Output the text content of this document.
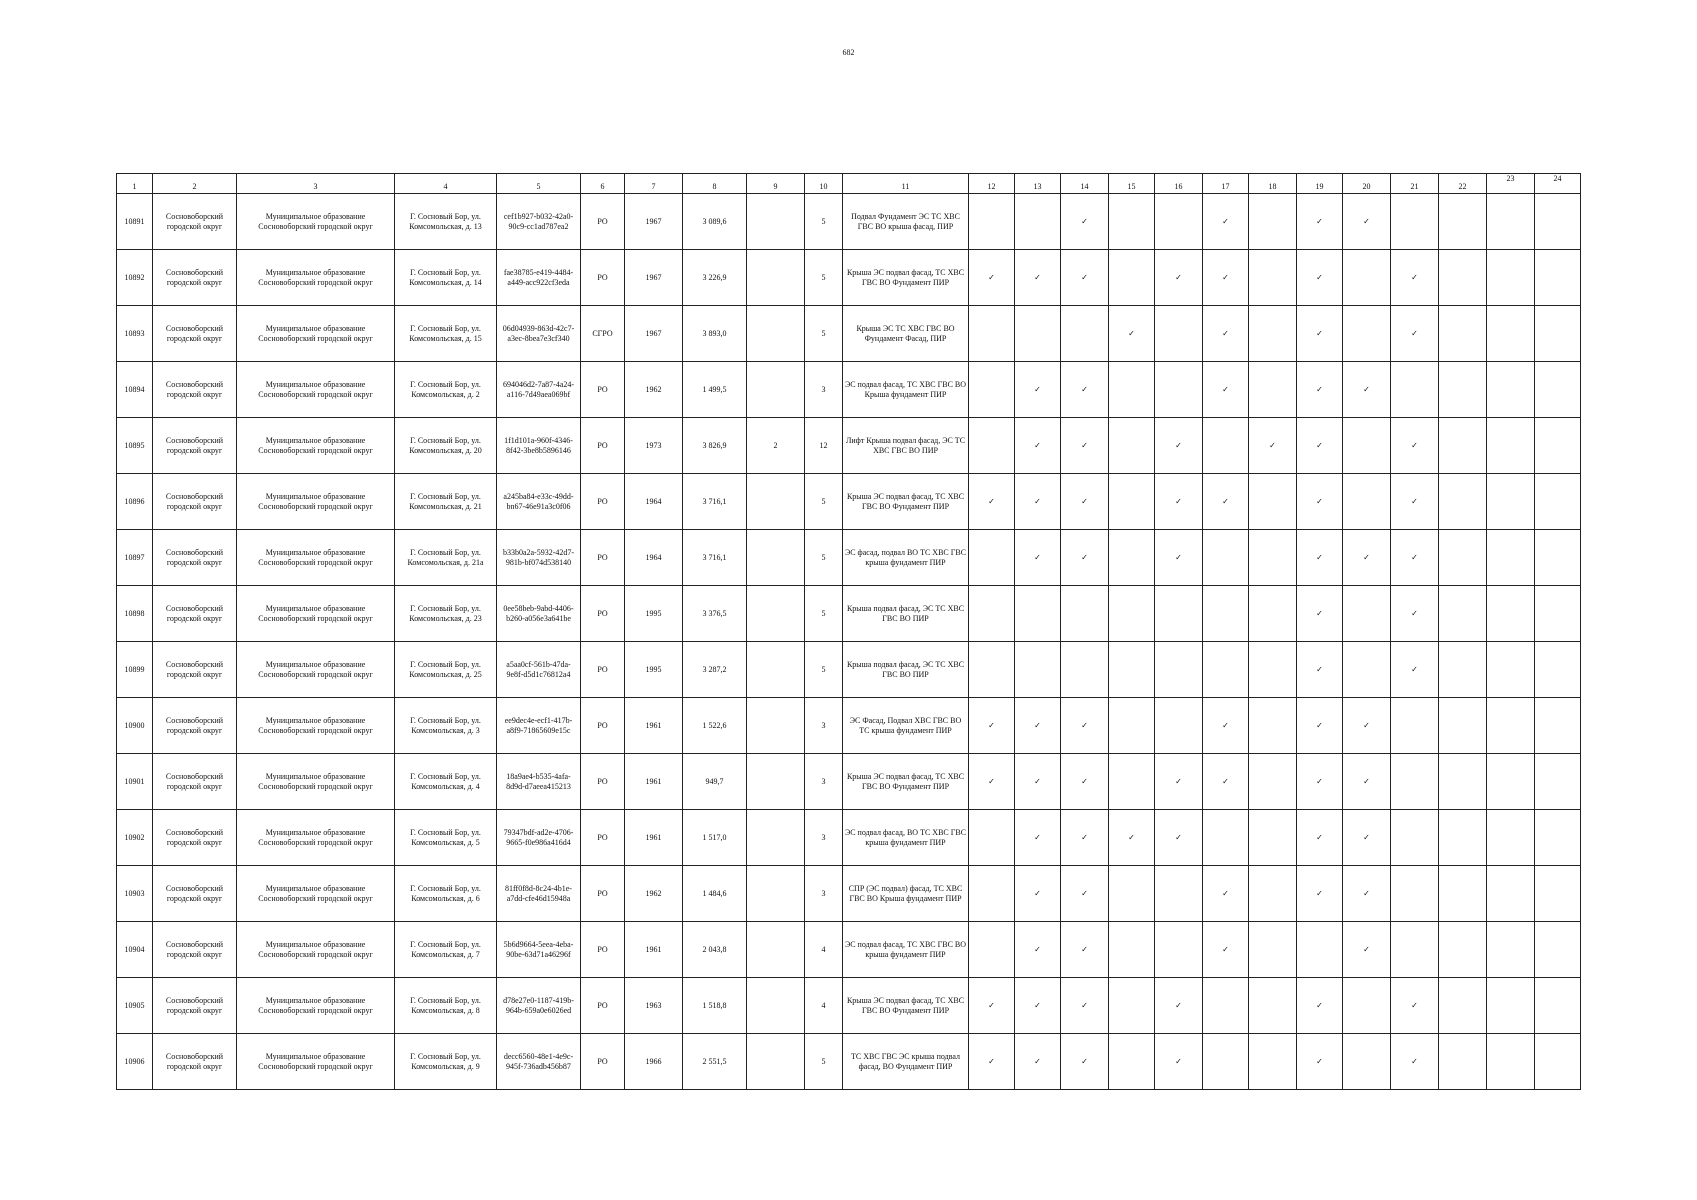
682
1	2	3	4	5	6	7	8	9	10	11	12	13	14	15	16	17	18	19	20	21	22	23	24
10891	Сосновоборский городской округ	Муниципальное образование Сосновоборский городской округ	Г. Сосновый Бор, ул. Комсомольская, д. 13	cef1b927-b032-42a0-90c9-cc1ad787ea2	РО	1967	3 089,6		5	Подвал Фундамент ЭС ТС ХВС ГВС ВО крыша фасад, ПИР			✓			✓		✓	✓				
10892	Сосновоборский городской округ	Муниципальное образование Сосновоборский городской округ	Г. Сосновый Бор, ул. Комсомольская, д. 14	fae38785-e419-4484-a449-acc922cf3eda	РО	1967	3 226,9		5	Крыша ЭС подвал фасад, ТС ХВС ГВС ВО Фундамент ПИР	✓	✓	✓		✓	✓		✓		✓			
10893	Сосновоборский городской округ	Муниципальное образование Сосновоборский городской округ	Г. Сосновый Бор, ул. Комсомольская, д. 15	06d04939-863d-42c7-a3ec-8bea7e3cf340	СГРО	1967	3 893,0		5	Крыша ЭС ТС ХВС ГВС ВО Фундамент Фасад, ПИР				✓		✓		✓		✓			
10894	Сосновоборский городской округ	Муниципальное образование Сосновоборский городской округ	Г. Сосновый Бор, ул. Комсомольская, д. 2	694046d2-7a87-4a24-a116-7d49aea069bf	РО	1962	1 499,5		3	ЭС подвал фасад, ТС ХВС ГВС ВО Крыша фундамент ПИР		✓	✓			✓		✓	✓				
10895	Сосновоборский городской округ	Муниципальное образование Сосновоборский городской округ	Г. Сосновый Бор, ул. Комсомольская, д. 20	1f1d101a-960f-4346-8f42-3be8b5896146	РО	1973	3 826,9	2	12	Лифт Крыша подвал фасад, ЭС ТС ХВС ГВС ВО ПИР		✓	✓		✓		✓	✓		✓			
10896	Сосновоборский городской округ	Муниципальное образование Сосновоборский городской округ	Г. Сосновый Бор, ул. Комсомольская, д. 21	a245ba84-e33c-49dd-bn67-46e91a3c0f06	РО	1964	3 716,1		5	Крыша ЭС подвал фасад, ТС ХВС ГВС ВО Фундамент ПИР	✓	✓	✓		✓	✓		✓		✓			
10897	Сосновоборский городской округ	Муниципальное образование Сосновоборский городской округ	Г. Сосновый Бор, ул. Комсомольская, д. 21а	b33b0a2a-5932-42d7-981b-bf074d538140	РО	1964	3 716,1		5	ЭС фасад, подвал ВО ТС ХВС ГВС крыша фундамент ПИР		✓	✓		✓			✓	✓	✓			
10898	Сосновоборский городской округ	Муниципальное образование Сосновоборский городской округ	Г. Сосновый Бор, ул. Комсомольская, д. 23	0ee58beb-9abd-4406-b260-a056e3a641be	РО	1995	3 376,5		5	Крыша подвал фасад, ЭС ТС ХВС ГВС ВО ПИР								✓		✓			
10899	Сосновоборский городской округ	Муниципальное образование Сосновоборский городской округ	Г. Сосновый Бор, ул. Комсомольская, д. 25	a5aa0cf-561b-47da-9e8f-d5d1c76812a4	РО	1995	3 287,2		5	Крыша подвал фасад, ЭС ТС ХВС ГВС ВО ПИР								✓		✓			
10900	Сосновоборский городской округ	Муниципальное образование Сосновоборский городской округ	Г. Сосновый Бор, ул. Комсомольская, д. 3	ee9dec4e-ecf1-417b-a8f9-71865609e15c	РО	1961	1 522,6		3	ЭС Фасад, Подвал ХВС ГВС ВО ТС крыша фундамент ПИР	✓	✓	✓			✓		✓	✓				
10901	Сосновоборский городской округ	Муниципальное образование Сосновоборский городской округ	Г. Сосновый Бор, ул. Комсомольская, д. 4	18a9ae4-b535-4afa-8d9d-d7aeea415213	РО	1961	949,7		3	Крыша ЭС подвал фасад, ТС ХВС ГВС ВО Фундамент ПИР	✓	✓	✓		✓	✓		✓	✓				
10902	Сосновоборский городской округ	Муниципальное образование Сосновоборский городской округ	Г. Сосновый Бор, ул. Комсомольская, д. 5	79347bdf-ad2e-4706-9665-f0e986a416d4	РО	1961	1 517,0		3	ЭС подвал фасад, ВО ТС ХВС ГВС крыша фундамент ПИР		✓	✓	✓	✓			✓	✓				
10903	Сосновоборский городской округ	Муниципальное образование Сосновоборский городской округ	Г. Сосновый Бор, ул. Комсомольская, д. 6	81ff0f8d-8c24-4b1e-a7dd-cfe46d15948a	РО	1962	1 484,6		3	СПР (ЭС подвал) фасад, ТС ХВС ГВС ВО Крыша фундамент ПИР		✓	✓			✓		✓	✓				
10904	Сосновоборский городской округ	Муниципальное образование Сосновоборский городской округ	Г. Сосновый Бор, ул. Комсомольская, д. 7	5b6d9664-5eea-4eba-90be-63d71a46296f	РО	1961	2 043,8		4	ЭС подвал фасад, ТС ХВС ГВС ВО крыша фундамент ПИР		✓	✓			✓			✓				
10905	Сосновоборский городской округ	Муниципальное образование Сосновоборский городской округ	Г. Сосновый Бор, ул. Комсомольская, д. 8	d78e27e0-1187-419b-964b-659a0e6026ed	РО	1963	1 518,8		4	Крыша ЭС подвал фасад, ТС ХВС ГВС ВО Фундамент ПИР	✓	✓	✓		✓			✓		✓			
10906	Сосновоборский городской округ	Муниципальное образование Сосновоборский городской округ	Г. Сосновый Бор, ул. Комсомольская, д. 9	decc6560-48e1-4e9c-945f-736adb456b87	РО	1966	2 551,5		5	ТС ХВС ГВС ЭС крыша подвал фасад, ВО Фундамент ПИР	✓	✓	✓		✓			✓		✓			
